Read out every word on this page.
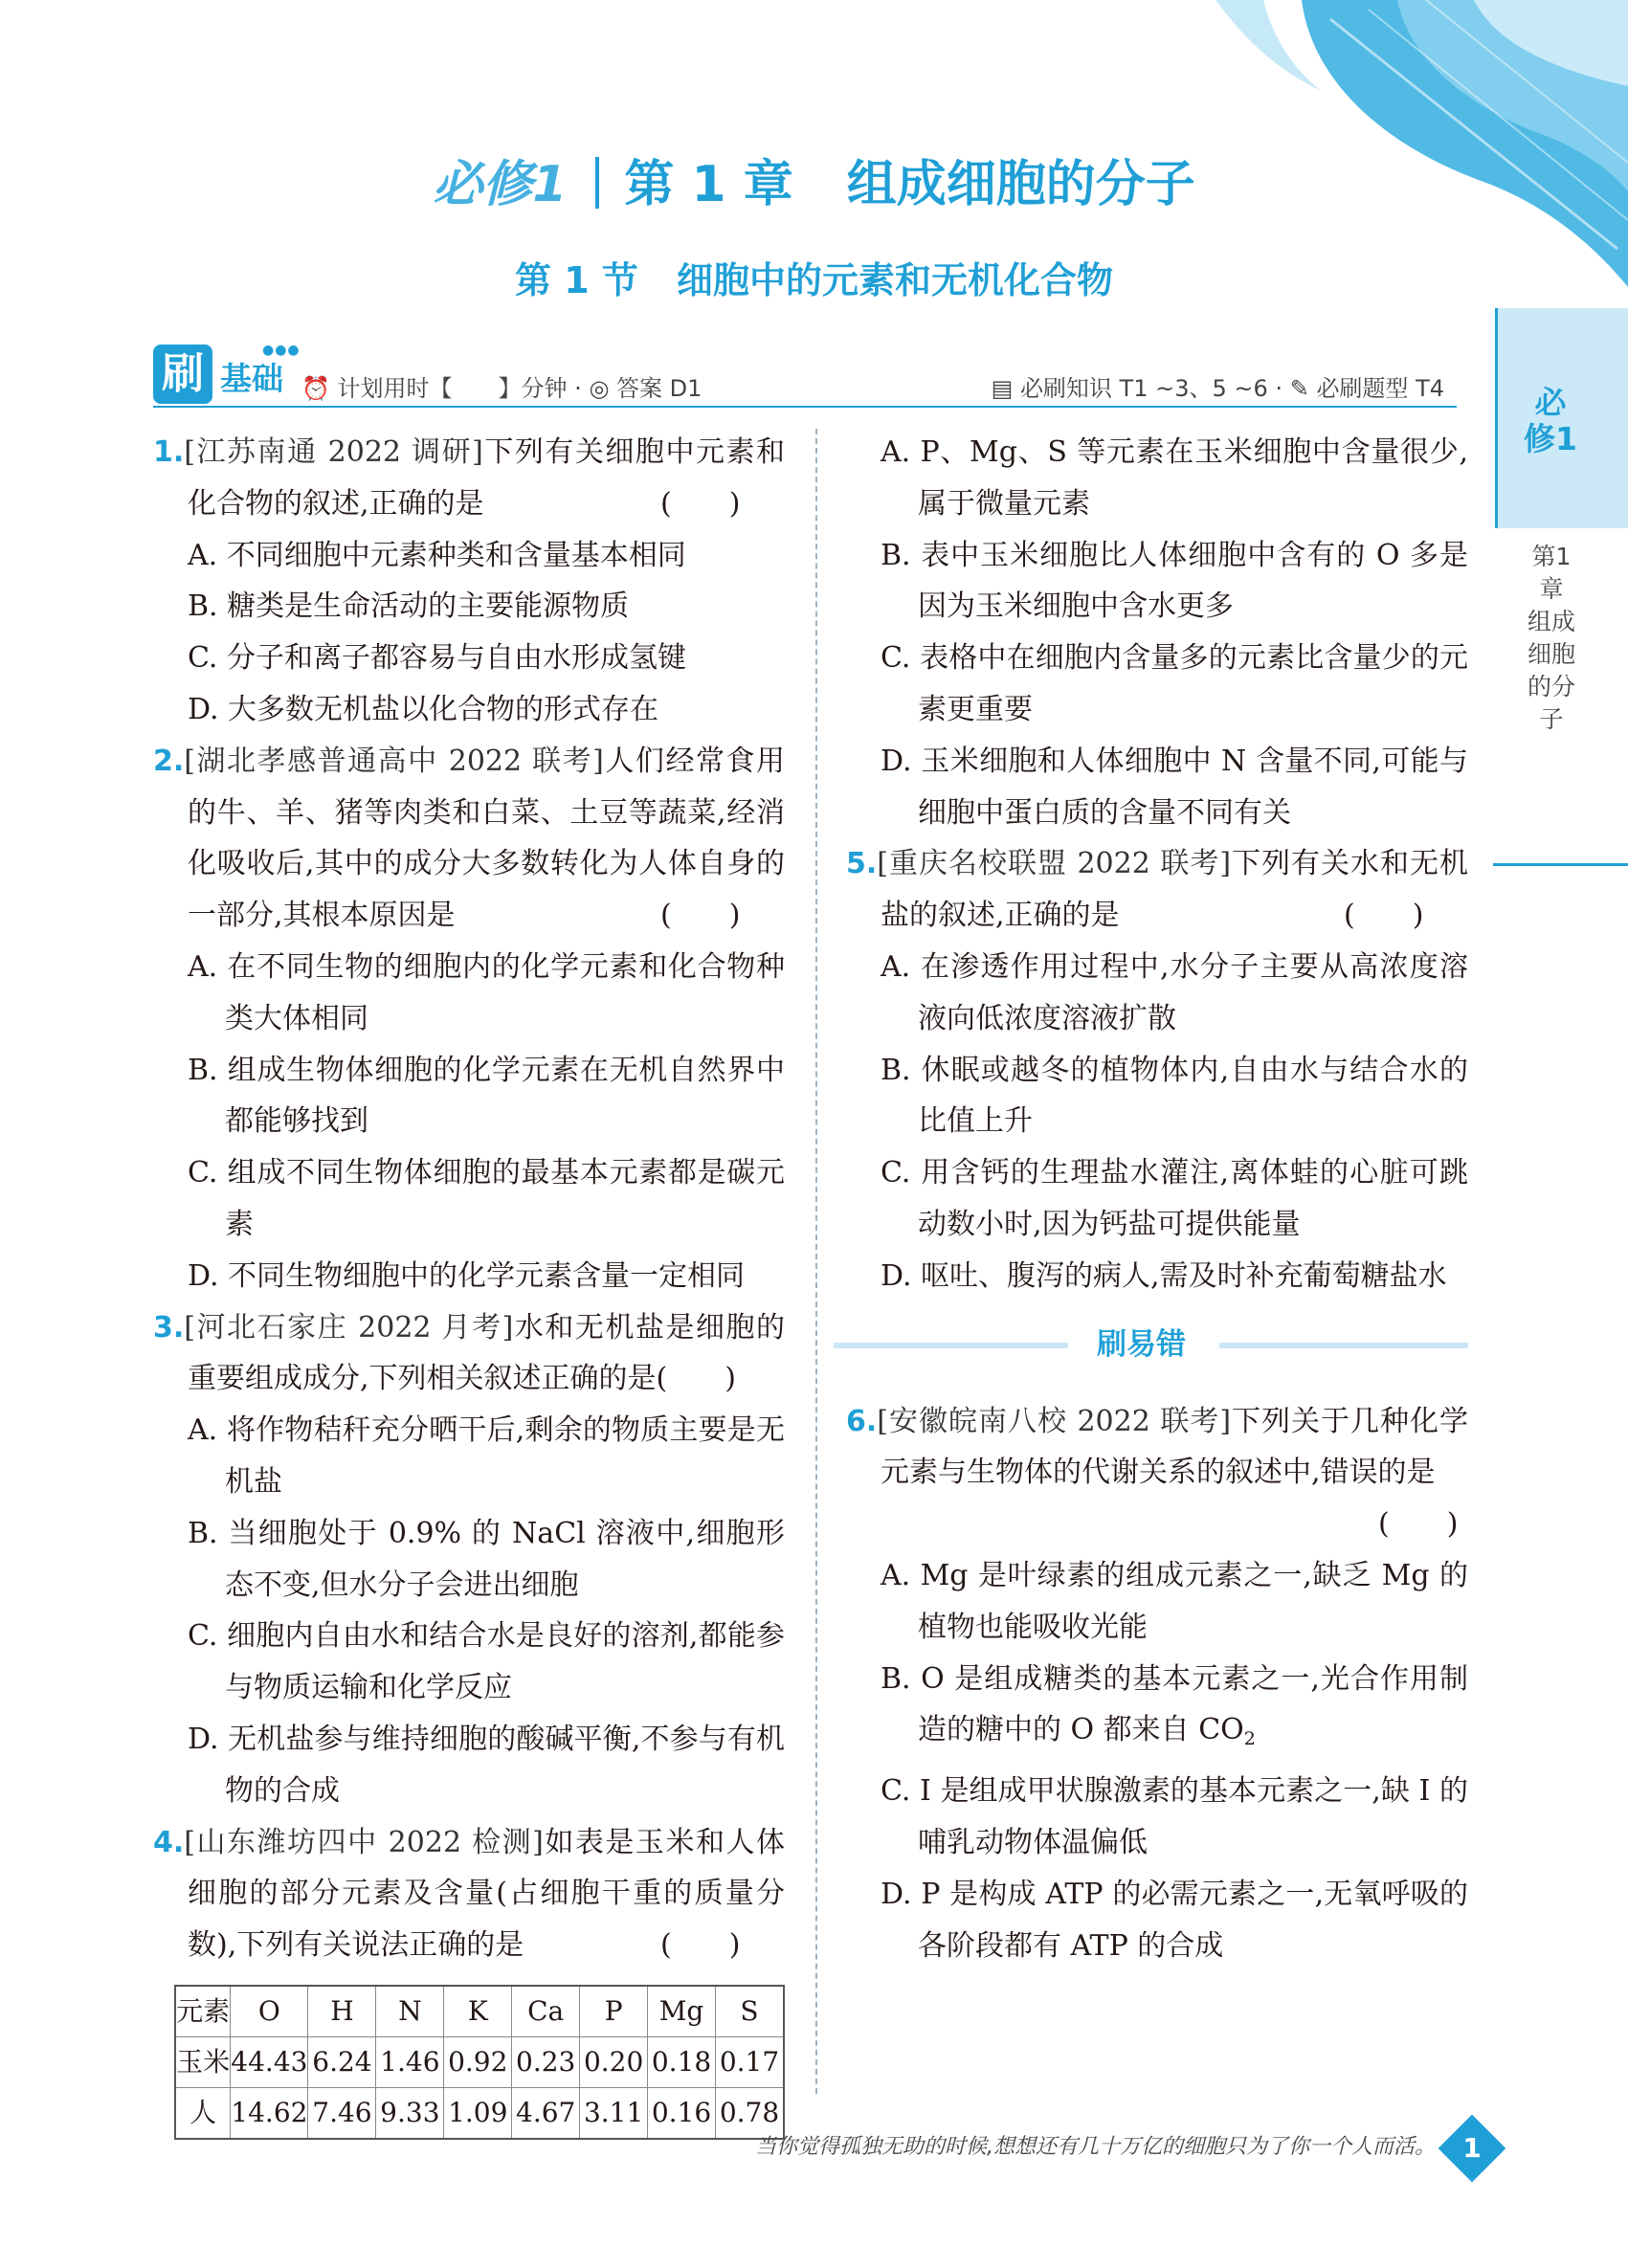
必修1 第 1 章 组成细胞的分子
第 1 节 细胞中的元素和无机化合物
必修1
第1章 组成细胞的分子
刷	●●●
基础 ⏰ 计划用时【　　】分钟 · ◎ 答案 D1	▤ 必刷知识 T1 ~3、5 ~6 · ✎ 必刷题型 T4

1.[江苏南通 2022 调研]下列有关细胞中元素和化合物的叙述,正确的是	(　　)

A. 不同细胞中元素种类和含量基本相同

B. 糖类是生命活动的主要能源物质

C. 分子和离子都容易与自由水形成氢键

D. 大多数无机盐以化合物的形式存在

2.[湖北孝感普通高中 2022 联考]人们经常食用的牛、羊、猪等肉类和白菜、土豆等蔬菜,经消化吸收后,其中的成分大多数转化为人体自身的一部分,其根本原因是	(　　)

A. 在不同生物的细胞内的化学元素和化合物种类大体相同

B. 组成生物体细胞的化学元素在无机自然界中都能够找到

C. 组成不同生物体细胞的最基本元素都是碳元素

D. 不同生物细胞中的化学元素含量一定相同

3.[河北石家庄 2022 月考]水和无机盐是细胞的重要组成成分,下列相关叙述正确的是(　　)

A. 将作物秸秆充分晒干后,剩余的物质主要是无机盐

B. 当细胞处于 0.9% 的 NaCl 溶液中,细胞形态不变,但水分子会进出细胞

C. 细胞内自由水和结合水是良好的溶剂,都能参与物质运输和化学反应

D. 无机盐参与维持细胞的酸碱平衡,不参与有机物的合成

4.[山东潍坊四中 2022 检测]如表是玉米和人体细胞的部分元素及含量(占细胞干重的质量分数),下列有关说法正确的是	(　　)

元素	O	H	N	K	Ca	P	Mg	S
玉米	44.43	6.24	1.46	0.92	0.23	0.20	0.18	0.17
人	14.62	7.46	9.33	1.09	4.67	3.11	0.16	0.78

A. P、Mg、S 等元素在玉米细胞中含量很少,属于微量元素

B. 表中玉米细胞比人体细胞中含有的 O 多是因为玉米细胞中含水更多

C. 表格中在细胞内含量多的元素比含量少的元素更重要

D. 玉米细胞和人体细胞中 N 含量不同,可能与细胞中蛋白质的含量不同有关

5.[重庆名校联盟 2022 联考]下列有关水和无机盐的叙述,正确的是	(　　)

A. 在渗透作用过程中,水分子主要从高浓度溶液向低浓度溶液扩散

B. 休眠或越冬的植物体内,自由水与结合水的比值上升

C. 用含钙的生理盐水灌注,离体蛙的心脏可跳动数小时,因为钙盐可提供能量

D. 呕吐、腹泻的病人,需及时补充葡萄糖盐水

刷易错

6.[安徽皖南八校 2022 联考]下列关于几种化学元素与生物体的代谢关系的叙述中,错误的是

(　　)

A. Mg 是叶绿素的组成元素之一,缺乏 Mg 的植物也能吸收光能

B. O 是组成糖类的基本元素之一,光合作用制造的糖中的 O 都来自 $CO_2$

C. I 是组成甲状腺激素的基本元素之一,缺 I 的哺乳动物体温偏低

D. P 是构成 ATP 的必需元素之一,无氧呼吸的各阶段都有 ATP 的合成

当你觉得孤独无助的时候,想想还有几十万亿的细胞只为了你一个人而活。	1
